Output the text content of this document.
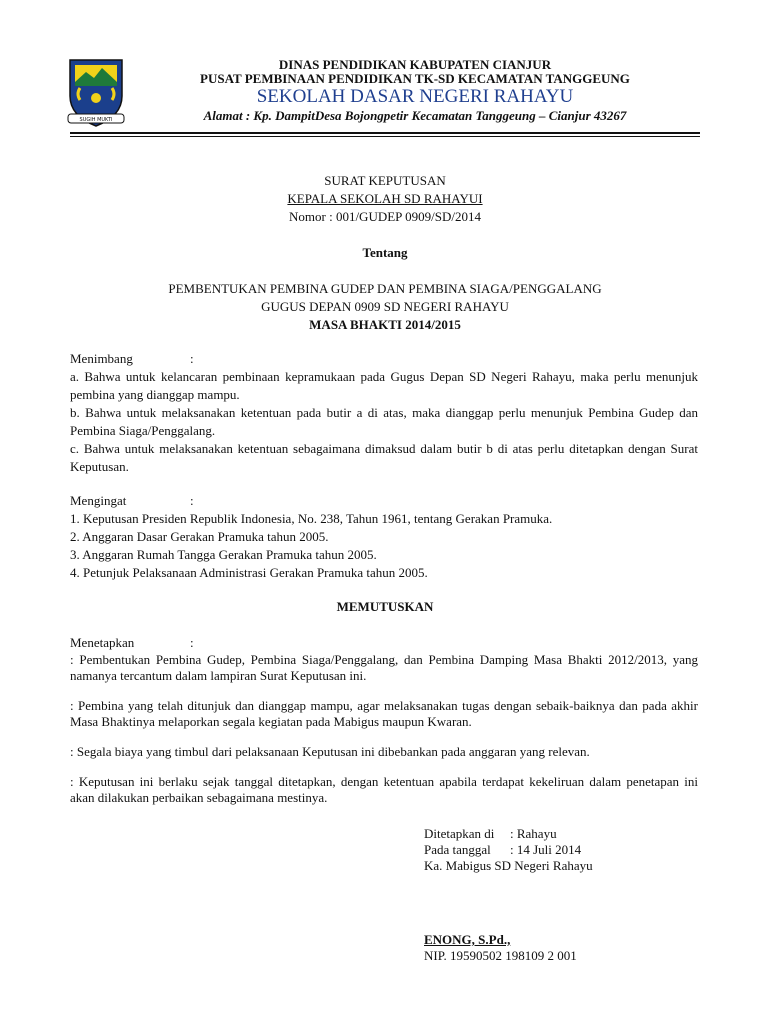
SUGIH MUKTI
DINAS PENDIDIKAN KABUPATEN CIANJUR
PUSAT PEMBINAAN PENDIDIKAN TK-SD KECAMATAN TANGGEUNG
SEKOLAH DASAR NEGERI RAHAYU
Alamat : Kp. DampitDesa Bojongpetir Kecamatan Tanggeung – Cianjur 43267
SURAT KEPUTUSAN
KEPALA SEKOLAH SD RAHAYUI
Nomor : 001/GUDEP 0909/SD/2014
Tentang
PEMBENTUKAN PEMBINA GUDEP DAN PEMBINA SIAGA/PENGGALANG
GUGUS DEPAN 0909 SD NEGERI RAHAYU
MASA BHAKTI 2014/2015

Menimbang	:

a. Bahwa untuk kelancaran pembinaan kepramukaan pada Gugus Depan SD Negeri Rahayu, maka perlu menunjuk pembina yang dianggap mampu.

b. Bahwa untuk melaksanakan ketentuan pada butir a di atas, maka dianggap perlu menunjuk Pembina Gudep dan Pembina Siaga/Penggalang.

c. Bahwa untuk melaksanakan ketentuan sebagaimana dimaksud dalam butir b di atas perlu ditetapkan dengan Surat Keputusan.

Mengingat	:

1. Keputusan Presiden Republik Indonesia, No. 238, Tahun 1961, tentang Gerakan Pramuka.

2. Anggaran Dasar Gerakan Pramuka tahun 2005.

3. Anggaran Rumah Tangga Gerakan Pramuka tahun 2005.

4. Petunjuk Pelaksanaan Administrasi Gerakan Pramuka tahun 2005.

MEMUTUSKAN

Menetapkan	:

: Pembentukan Pembina Gudep, Pembina Siaga/Penggalang, dan Pembina Damping Masa Bhakti 2012/2013, yang namanya tercantum dalam lampiran Surat Keputusan ini.

: Pembina yang telah ditunjuk dan dianggap mampu, agar melaksanakan tugas dengan sebaik-baiknya dan pada akhir Masa Bhaktinya melaporkan segala kegiatan pada Mabigus maupun Kwaran.

: Segala biaya yang timbul dari pelaksanaan Keputusan ini dibebankan pada anggaran yang relevan.

: Keputusan ini berlaku sejak tanggal ditetapkan, dengan ketentuan apabila terdapat kekeliruan dalam penetapan ini akan dilakukan perbaikan sebagaimana mestinya.

Ditetapkan di : Rahayu
Pada tanggal : 14 Juli 2014
Ka. Mabigus SD Negeri Rahayu
ENONG, S.Pd.,
NIP. 19590502 198109 2 001
